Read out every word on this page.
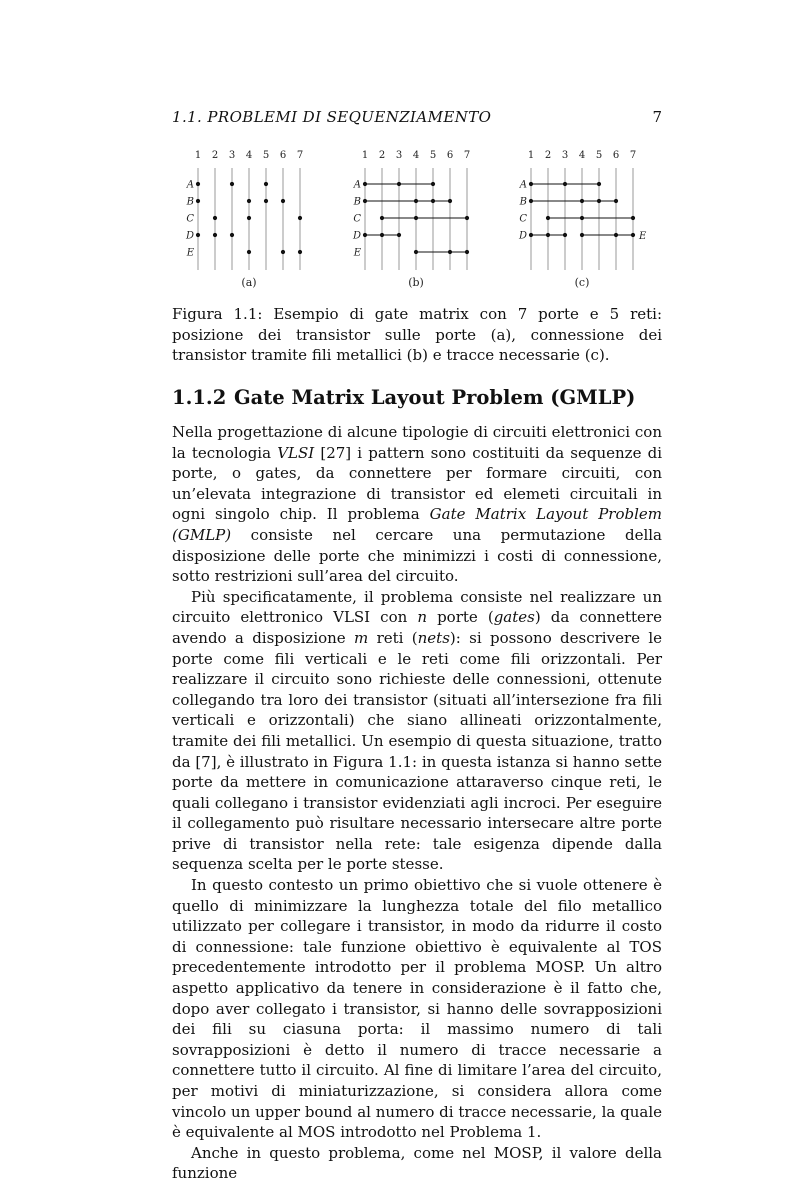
1.1. PROBLEMI DI SEQUENZIAMENTO	7
1 2 3 4 5 6 7
A
B
C
D
E
(a)
1 2 3 4 5 6 7
A
B
C
D
E
(b)
1 2 3 4 5 6 7
A
B
C
D
(c)
E
Figura 1.1: Esempio di gate matrix con 7 porte e 5 reti: posizione dei transistor sulle porte (a), connessione dei transistor tramite fili metallici (b) e tracce necessarie (c).
1.1.2 Gate Matrix Layout Problem (GMLP)

Nella progettazione di alcune tipologie di circuiti elettronici con la tecnologia VLSI [27] i pattern sono costituiti da sequenze di porte, o gates, da connettere per formare circuiti, con un’elevata integrazione di transistor ed elemeti circuitali in ogni singolo chip. Il problema Gate Matrix Layout Problem (GMLP) consiste nel cercare una permutazione della disposizione delle porte che minimizzi i costi di connessione, sotto restrizioni sull’area del circuito.

Più specificatamente, il problema consiste nel realizzare un circuito elettronico VLSI con n porte (gates) da connettere avendo a disposizione m reti (nets): si possono descrivere le porte come fili verticali e le reti come fili orizzontali. Per realizzare il circuito sono richieste delle connessioni, ottenute collegando tra loro dei transistor (situati all’intersezione fra fili verticali e orizzontali) che siano allineati orizzontalmente, tramite dei fili metallici. Un esempio di questa situazione, tratto da [7], è illustrato in Figura 1.1: in questa istanza si hanno sette porte da mettere in comunicazione attaraverso cinque reti, le quali collegano i transistor evidenziati agli incroci. Per eseguire il collegamento può risultare necessario intersecare altre porte prive di transistor nella rete: tale esigenza dipende dalla sequenza scelta per le porte stesse.

In questo contesto un primo obiettivo che si vuole ottenere è quello di minimizzare la lunghezza totale del filo metallico utilizzato per collegare i transistor, in modo da ridurre il costo di connessione: tale funzione obiettivo è equivalente al TOS precedentemente introdotto per il problema MOSP. Un altro aspetto applicativo da tenere in considerazione è il fatto che, dopo aver collegato i transistor, si hanno delle sovrapposizioni dei fili su ciasuna porta: il massimo numero di tali sovrapposizioni è detto il numero di tracce necessarie a connettere tutto il circuito. Al fine di limitare l’area del circuito, per motivi di miniaturizzazione, si considera allora come vincolo un upper bound al numero di tracce necessarie, la quale è equivalente al MOS introdotto nel Problema 1.

Anche in questo problema, come nel MOSP, il valore della funzione
